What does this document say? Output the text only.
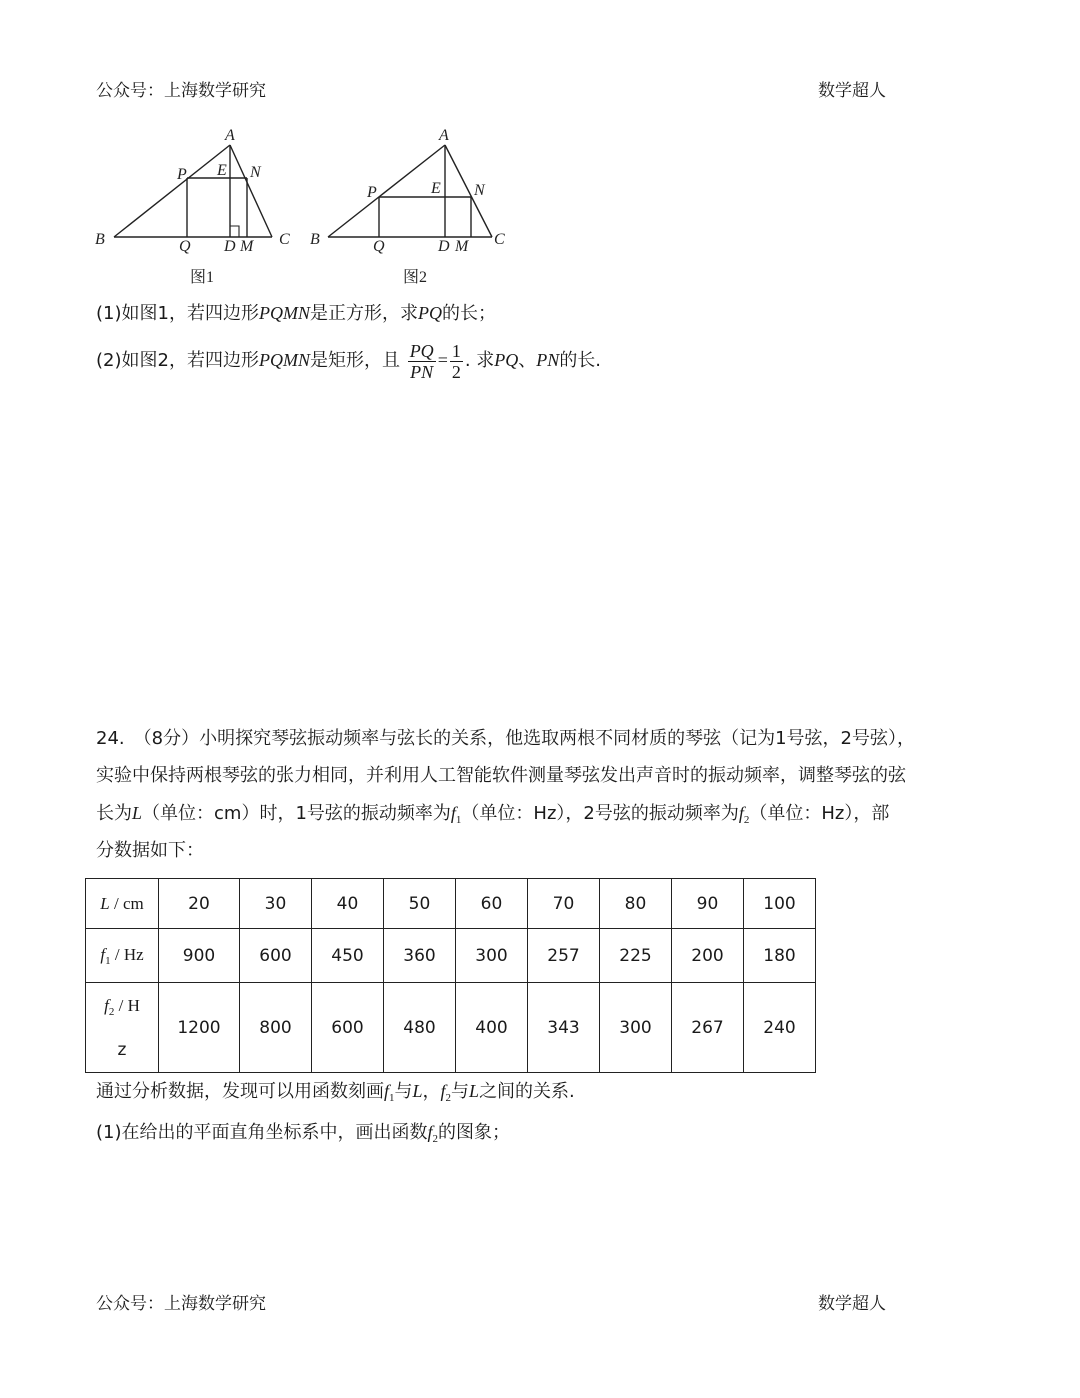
公众号：上海数学研究	数学超人
A
P E N
B	Q D M C
A
P	E N
B	Q	D M C
图1	图2
(1)如图1，若四边形PQMN是正方形，求PQ的长；
(2)如图2，若四边形PQMN是矩形，且 $\frac{PQ}{PN} = \frac{1}{2}$ . 求PQ、PN的长.
24.　（8分）小明探究琴弦振动频率与弦长的关系，他选取两根不同材质的琴弦（记为1号弦，2号弦），
实验中保持两根琴弦的张力相同，并利用人工智能软件测量琴弦发出声音时的振动频率，调整琴弦的弦
长为L（单位：cm）时，1号弦的振动频率为$f_1$（单位：Hz），2号弦的振动频率为$f_2$（单位：Hz），部
分数据如下：
L / cm	20	30	40	50	60	70	80	90	100
$f_1$ / Hz	900	600	450	360	300	257	225	200	180
$f_2$ / H
z	1200	800	600	480	400	343	300	267	240
通过分析数据，发现可以用函数刻画$f_1$与L，$f_2$与L之间的关系.
(1)在给出的平面直角坐标系中，画出函数$f_2$的图象；
公众号：上海数学研究	数学超人
